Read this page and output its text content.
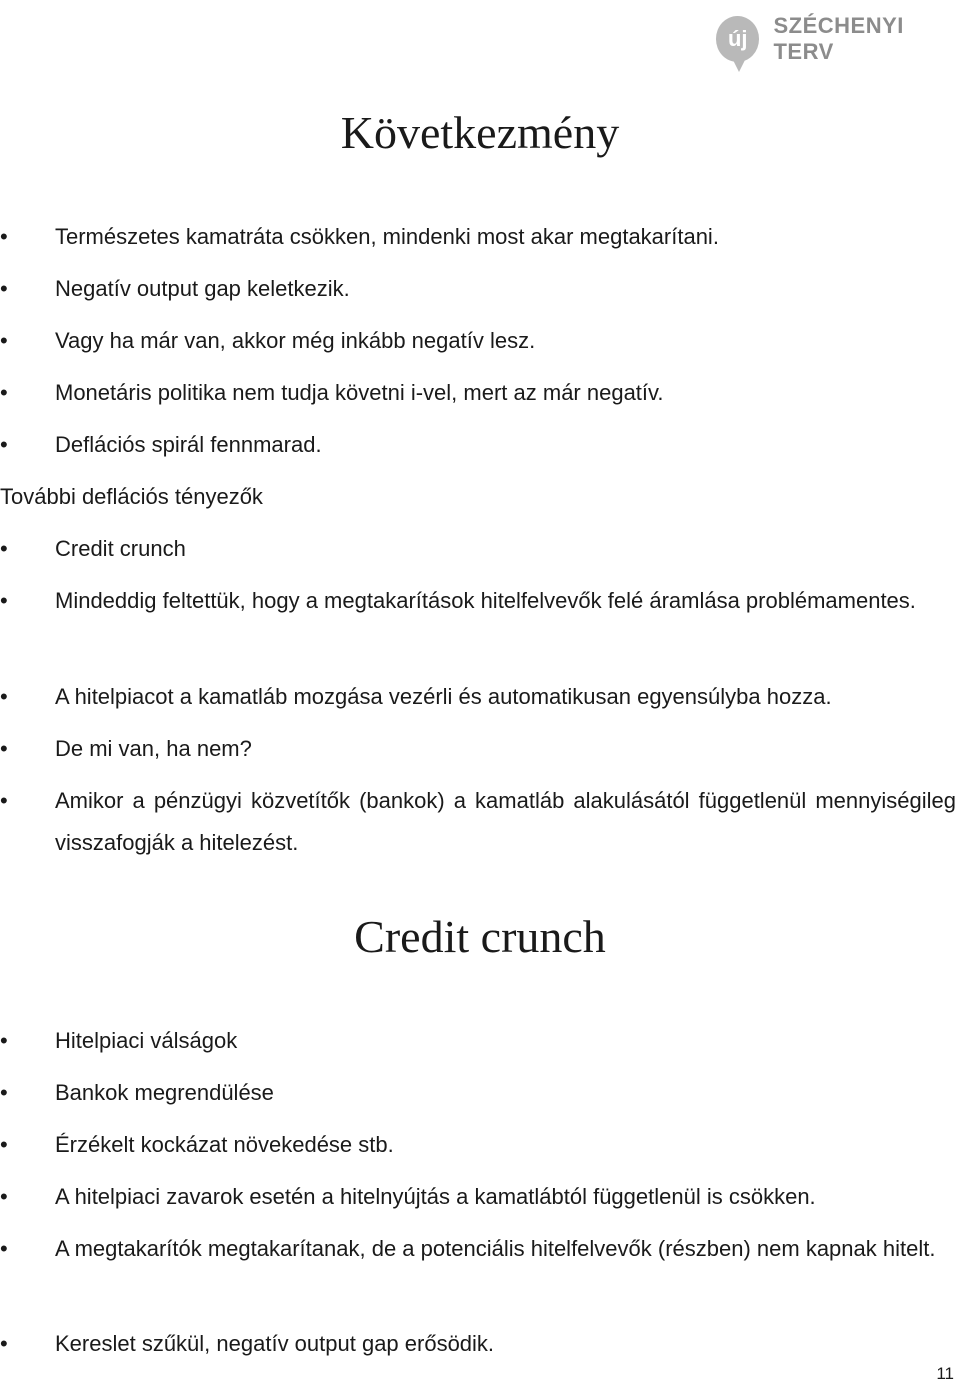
új
SZÉCHENYI TERV
Következmény
• Természetes kamatráta csökken, mindenki most akar megtakarítani.
• Negatív output gap keletkezik.
• Vagy ha már van, akkor még inkább negatív lesz.
• Monetáris politika nem tudja követni i-vel, mert az már negatív.
• Deflációs spirál fennmarad.
További deflációs tényezők
• Credit crunch
• Mindeddig feltettük, hogy a megtakarítások hitelfelvevők felé áramlása problémamentes.
• A hitelpiacot a kamatláb mozgása vezérli és automatikusan egyensúlyba hozza.
• De mi van, ha nem?
• Amikor a pénzügyi közvetítők (bankok) a kamatláb alakulásától függetlenül mennyiségileg visszafogják a hitelezést.
Credit crunch
• Hitelpiaci válságok
• Bankok megrendülése
• Érzékelt kockázat növekedése stb.
• A hitelpiaci zavarok esetén a hitelnyújtás a kamatlábtól függetlenül is csökken.
• A megtakarítók megtakarítanak, de a potenciális hitelfelvevők (részben) nem kapnak hitelt.
• Kereslet szűkül, negatív output gap erősödik.
11
